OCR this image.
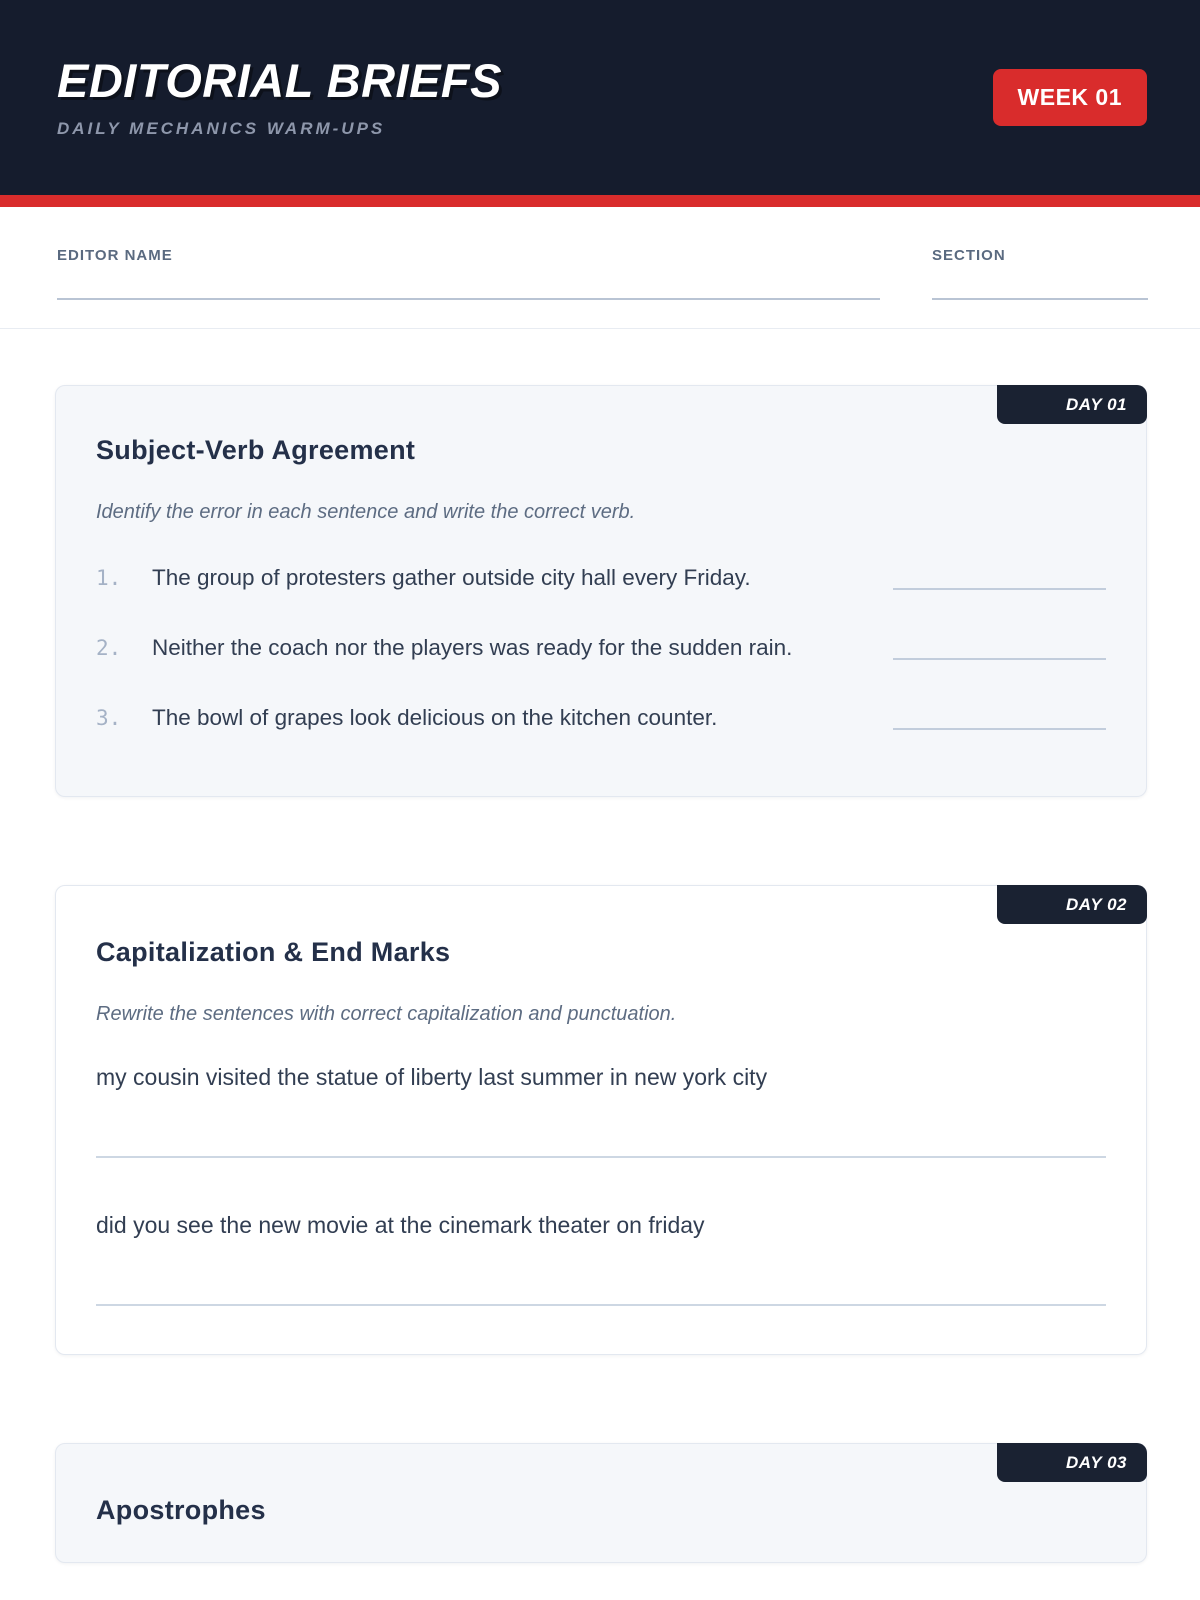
EDITORIAL BRIEFS
DAILY MECHANICS WARM-UPS
WEEK 01
EDITOR NAME	SECTION
DAY 01
Subject-Verb Agreement

Identify the error in each sentence and write the correct verb.

1.	The group of protesters gather outside city hall every Friday.
2.	Neither the coach nor the players was ready for the sudden rain.
3.	The bowl of grapes look delicious on the kitchen counter.
DAY 02
Capitalization & End Marks

Rewrite the sentences with correct capitalization and punctuation.

my cousin visited the statue of liberty last summer in new york city

did you see the new movie at the cinemark theater on friday

DAY 03
Apostrophes
